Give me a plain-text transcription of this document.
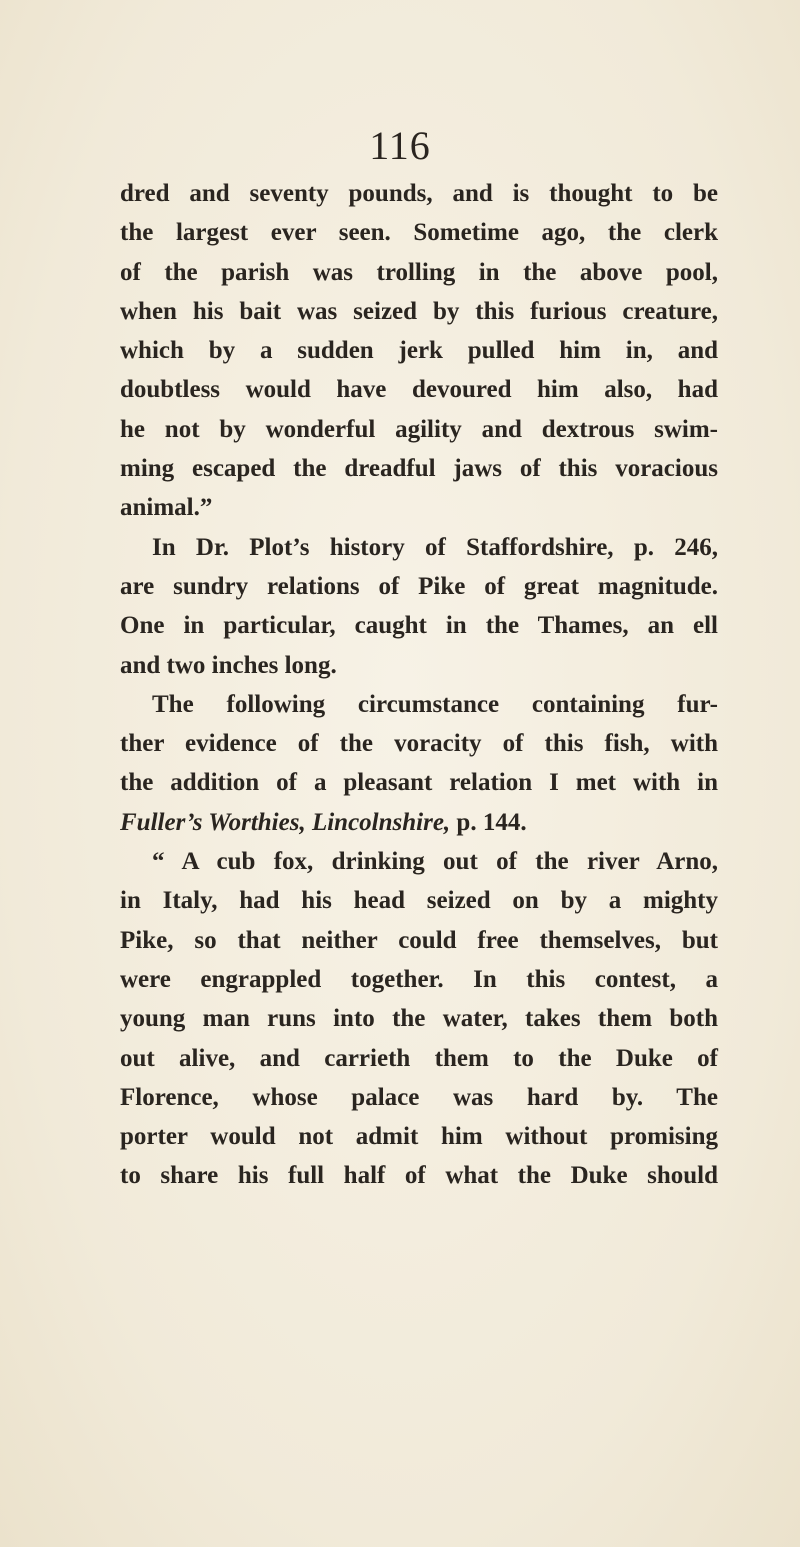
116
dred and seventy pounds, and is thought to be
the largest ever seen. Sometime ago, the clerk
of the parish was trolling in the above pool,
when his bait was seized by this furious creature,
which by a sudden jerk pulled him in, and
doubtless would have devoured him also, had
he not by wonderful agility and dextrous swim-
ming escaped the dreadful jaws of this voracious
animal.”
In Dr. Plot’s history of Staffordshire, p. 246,
are sundry relations of Pike of great magnitude.
One in particular, caught in the Thames, an ell
and two inches long.
The following circumstance containing fur-
ther evidence of the voracity of this fish, with
the addition of a pleasant relation I met with in
Fuller’s Worthies, Lincolnshire, p. 144.
“ A cub fox, drinking out of the river Arno,
in Italy, had his head seized on by a mighty
Pike, so that neither could free themselves, but
were engrappled together. In this contest, a
young man runs into the water, takes them both
out alive, and carrieth them to the Duke of
Florence, whose palace was hard by. The
porter would not admit him without promising
to share his full half of what the Duke should
